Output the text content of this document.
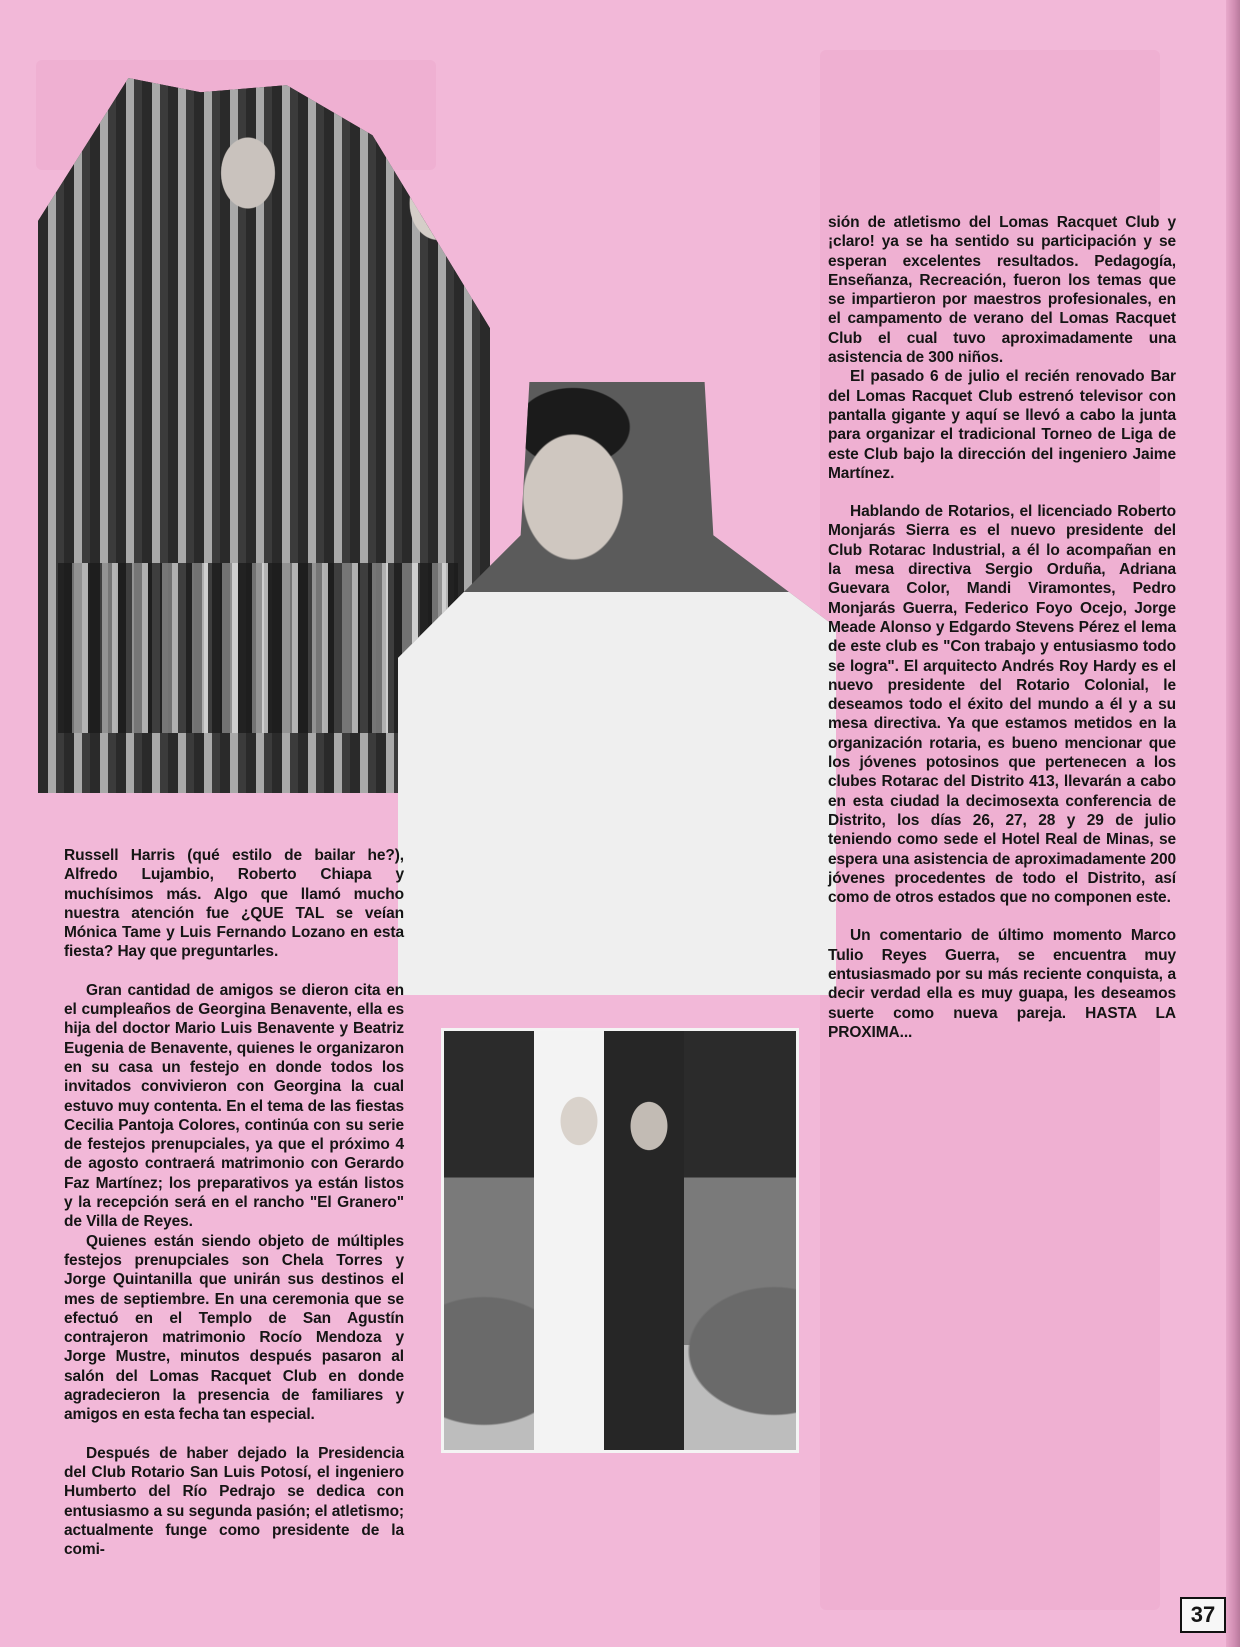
Russell Harris (qué estilo de bailar he?), Alfredo Lujambio, Roberto Chiapa y muchísimos más. Algo que llamó mucho nuestra atención fue ¿QUE TAL se veían Mónica Tame y Luis Fernando Lozano en esta fiesta? Hay que preguntarles.

Gran cantidad de amigos se dieron cita en el cumpleaños de Georgina Benavente, ella es hija del doctor Mario Luis Benavente y Beatriz Eugenia de Benavente, quienes le organizaron en su casa un festejo en donde todos los invitados convivieron con Georgina la cual estuvo muy contenta. En el tema de las fiestas Cecilia Pantoja Colores, continúa con su serie de festejos prenupciales, ya que el próximo 4 de agosto contraerá matrimonio con Gerardo Faz Martínez; los preparativos ya están listos y la recepción será en el rancho "El Granero" de Villa de Reyes.

Quienes están siendo objeto de múltiples festejos prenupciales son Chela Torres y Jorge Quintanilla que unirán sus destinos el mes de septiembre. En una ceremonia que se efectuó en el Templo de San Agustín contrajeron matrimonio Rocío Mendoza y Jorge Mustre, minutos después pasaron al salón del Lomas Racquet Club en donde agradecieron la presencia de familiares y amigos en esta fecha tan especial.

Después de haber dejado la Presidencia del Club Rotario San Luis Potosí, el ingeniero Humberto del Río Pedrajo se dedica con entusiasmo a su segunda pasión; el atletismo; actualmente funge como presidente de la comi-

sión de atletismo del Lomas Racquet Club y ¡claro! ya se ha sentido su participación y se esperan excelentes resultados. Pedagogía, Enseñanza, Recreación, fueron los temas que se impartieron por maestros profesionales, en el campamento de verano del Lomas Racquet Club el cual tuvo aproximadamente una asistencia de 300 niños.

El pasado 6 de julio el recién renovado Bar del Lomas Racquet Club estrenó televisor con pantalla gigante y aquí se llevó a cabo la junta para organizar el tradicional Torneo de Liga de este Club bajo la dirección del ingeniero Jaime Martínez.

Hablando de Rotarios, el licenciado Roberto Monjarás Sierra es el nuevo presidente del Club Rotarac Industrial, a él lo acompañan en la mesa directiva Sergio Orduña, Adriana Guevara Color, Mandi Viramontes, Pedro Monjarás Guerra, Federico Foyo Ocejo, Jorge Meade Alonso y Edgardo Stevens Pérez el lema de este club es "Con trabajo y entusiasmo todo se logra". El arquitecto Andrés Roy Hardy es el nuevo presidente del Rotario Colonial, le deseamos todo el éxito del mundo a él y a su mesa directiva. Ya que estamos metidos en la organización rotaria, es bueno mencionar que los jóvenes potosinos que pertenecen a los clubes Rotarac del Distrito 413, llevarán a cabo en esta ciudad la decimosexta conferencia de Distrito, los días 26, 27, 28 y 29 de julio teniendo como sede el Hotel Real de Minas, se espera una asistencia de aproximadamente 200 jóvenes procedentes de todo el Distrito, así como de otros estados que no componen este.

Un comentario de último momento Marco Tulio Reyes Guerra, se encuentra muy entusiasmado por su más reciente conquista, a decir verdad ella es muy guapa, les deseamos suerte como nueva pareja. HASTA LA PROXIMA...

37
